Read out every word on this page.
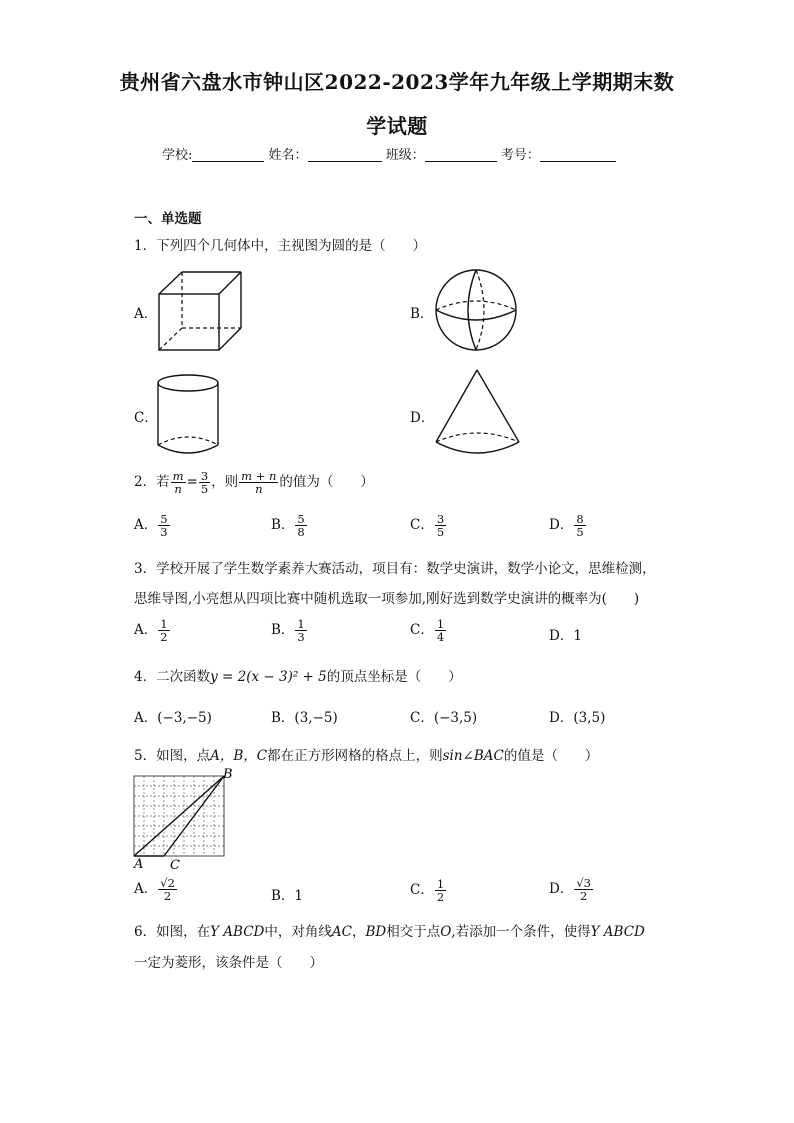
贵州省六盘水市钟山区2022-2023学年九年级上学期期末数
学试题
学校:	姓名：	班级：	考号：
一、单选题
1．下列四个几何体中，主视图为圆的是（　　）
A．	B．
C．	D．
2．若 $\frac{m}{n} = \frac{3}{5}$ ，则 $\frac{m + n}{n}$ 的值为（　　）
A． $\frac{5}{3}$	B． $\frac{5}{8}$	C． $\frac{3}{5}$	D． $\frac{8}{5}$
3．学校开展了学生数学素养大赛活动，项目有：数学史演讲，数学小论文，思维检测，
思维导图,小亮想从四项比赛中随机选取一项参加,刚好选到数学史演讲的概率为(　　)
A． $\frac{1}{2}$	B． $\frac{1}{3}$	C． $\frac{1}{4}$	D．1
4．二次函数y = 2(x − 3)² + 5的顶点坐标是（　　）
A．(−3,−5)	B．(3,−5)	C．(−3,5)	D．(3,5)
5．如图，点A，B，C都在正方形网格的格点上，则sin∠BAC的值是（　　）
A C
B
A． $\frac{√2}{2}$	B．1	C． $\frac{1}{2}$	D． $\frac{√3}{2}$
6．如图，在Y ABCD中，对角线AC，BD相交于点O,若添加一个条件，使得Y ABCD
一定为菱形，该条件是（　　）
